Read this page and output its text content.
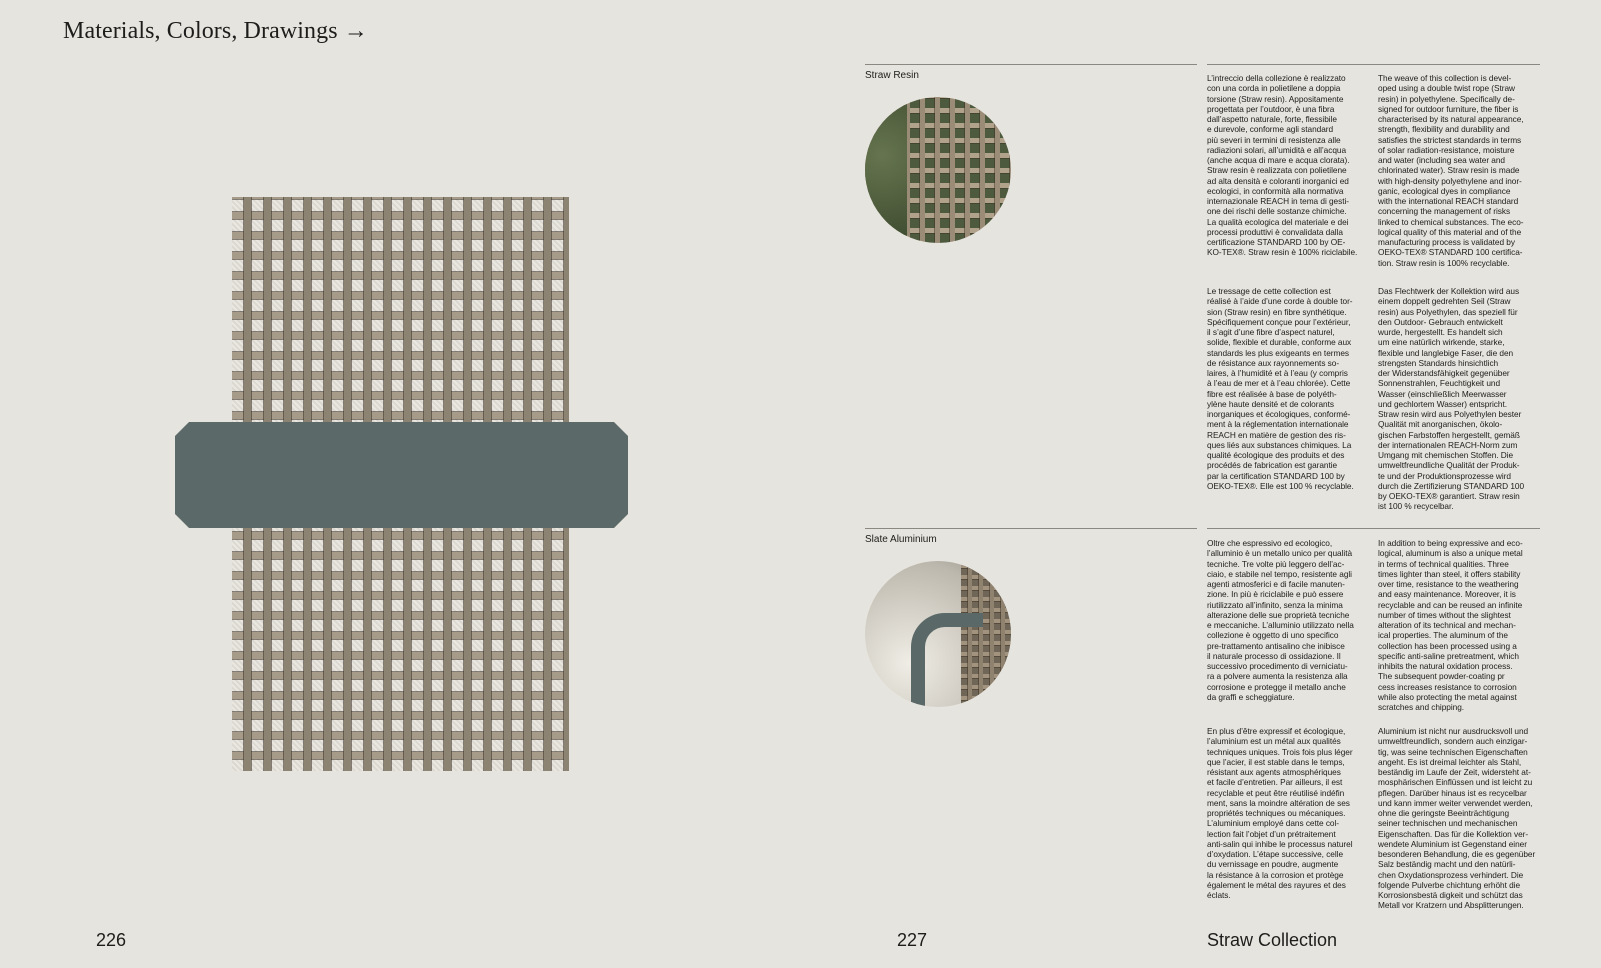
Materials, Colors, Drawings →
Straw Resin	L’intreccio della collezione è realizzato
con una corda in polietilene a doppia
torsione (Straw resin). Appositamente
progettata per l’outdoor, è una fibra
dall’aspetto naturale, forte, flessibile
e durevole, conforme agli standard
più severi in termini di resistenza alle
radiazioni solari, all’umidità e all’acqua
(anche acqua di mare e acqua clorata).
Straw resin è realizzata con polietilene
ad alta densità e coloranti inorganici ed
ecologici, in conformità alla normativa
internazionale REACH in tema di gesti-
one dei rischi delle sostanze chimiche.
La qualità ecologica del materiale e dei
processi produttivi è convalidata dalla
certificazione STANDARD 100 by OE-
KO-TEX®. Straw resin è 100% riciclabile.
The weave of this collection is devel-
oped using a double twist rope (Straw
resin) in polyethylene. Specifically de-
signed for outdoor furniture, the fiber is
characterised by its natural appearance,
strength, flexibility and durability and
satisfies the strictest standards in terms
of solar radiation-resistance, moisture
and water (including sea water and
chlorinated water). Straw resin is made
with high-density polyethylene and inor-
ganic, ecological dyes in compliance
with the international REACH standard
concerning the management of risks
linked to chemical substances. The eco-
logical quality of this material and of the
manufacturing process is validated by
OEKO-TEX® STANDARD 100 certifica-
tion. Straw resin is 100% recyclable.
Le tressage de cette collection est
réalisé à l’aide d’une corde à double tor-
sion (Straw resin) en fibre synthétique.
Spécifiquement conçue pour l’extérieur,
il s’agit d’une fibre d’aspect naturel,
solide, flexible et durable, conforme aux
standards les plus exigeants en termes
de résistance aux rayonnements so-
laires, à l’humidité et à l’eau (y compris
à l’eau de mer et à l’eau chlorée). Cette
fibre est réalisée à base de polyéth-
ylène haute densité et de colorants
inorganiques et écologiques, conformé-
ment à la réglementation internationale
REACH en matière de gestion des ris-
ques liés aux substances chimiques. La
qualité écologique des produits et des
procédés de fabrication est garantie
par la certification STANDARD 100 by
OEKO-TEX®. Elle est 100 % recyclable.
Das Flechtwerk der Kollektion wird aus
einem doppelt gedrehten Seil (Straw
resin) aus Polyethylen, das speziell für
den Outdoor- Gebrauch entwickelt
wurde, hergestellt. Es handelt sich
um eine natürlich wirkende, starke,
flexible und langlebige Faser, die den
strengsten Standards hinsichtlich
der Widerstandsfähigkeit gegenüber
Sonnenstrahlen, Feuchtigkeit und
Wasser (einschließlich Meerwasser
und gechlortem Wasser) entspricht.
Straw resin wird aus Polyethylen bester
Qualität mit anorganischen, ökolo-
gischen Farbstoffen hergestellt, gemäß
der internationalen REACH-Norm zum
Umgang mit chemischen Stoffen. Die
umweltfreundliche Qualität der Produk-
te und der Produktionsprozesse wird
durch die Zertifizierung STANDARD 100
by OEKO-TEX® garantiert. Straw resin
ist 100 % recycelbar.
Slate Aluminium	Oltre che espressivo ed ecologico,
l’alluminio è un metallo unico per qualità
tecniche. Tre volte più leggero dell’ac-
ciaio, e stabile nel tempo, resistente agli
agenti atmosferici e di facile manuten-
zione. In più è riciclabile e può essere
riutilizzato all’infinito, senza la minima
alterazione delle sue proprietà tecniche
e meccaniche. L’alluminio utilizzato nella
collezione è oggetto di uno specifico
pre-trattamento antisalino che inibisce
il naturale processo di ossidazione. Il
successivo procedimento di verniciatu-
ra a polvere aumenta la resistenza alla
corrosione e protegge il metallo anche
da graffi e scheggiature.
In addition to being expressive and eco-
logical, aluminum is also a unique metal
in terms of technical qualities. Three
times lighter than steel, it offers stability
over time, resistance to the weathering
and easy maintenance. Moreover, it is
recyclable and can be reused an infinite
number of times without the slightest
alteration of its technical and mechan-
ical properties. The aluminum of the
collection has been processed using a
specific anti-saline pretreatment, which
inhibits the natural oxidation process.
The subsequent powder-coating pr
cess increases resistance to corrosion
while also protecting the metal against
scratches and chipping.
En plus d’être expressif et écologique,
l’aluminium est un métal aux qualités
techniques uniques. Trois fois plus léger
que l’acier, il est stable dans le temps,
résistant aux agents atmosphériques
et facile d’entretien. Par ailleurs, il est
recyclable et peut être réutilisé indéfin
ment, sans la moindre altération de ses
propriétés techniques ou mécaniques.
L’aluminium employé dans cette col-
lection fait l’objet d’un prétraitement
anti-salin qui inhibe le processus naturel
d’oxydation. L’étape successive, celle
du vernissage en poudre, augmente
la résistance à la corrosion et protège
également le métal des rayures et des
éclats.
Aluminium ist nicht nur ausdrucksvoll und
umweltfreundlich, sondern auch einzigar-
tig, was seine technischen Eigenschaften
angeht. Es ist dreimal leichter als Stahl,
beständig im Laufe der Zeit, widersteht at-
mosphärischen Einflüssen und ist leicht zu
pflegen. Darüber hinaus ist es recycelbar
und kann immer weiter verwendet werden,
ohne die geringste Beeinträchtigung
seiner technischen und mechanischen
Eigenschaften. Das für die Kollektion ver-
wendete Aluminium ist Gegenstand einer
besonderen Behandlung, die es gegenüber
Salz beständig macht und den natürli-
chen Oxydationsprozess verhindert. Die
folgende Pulverbe chichtung erhöht die
Korrosionsbestä digkeit und schützt das
Metall vor Kratzern und Absplitterungen.
226	227	Straw Collection
